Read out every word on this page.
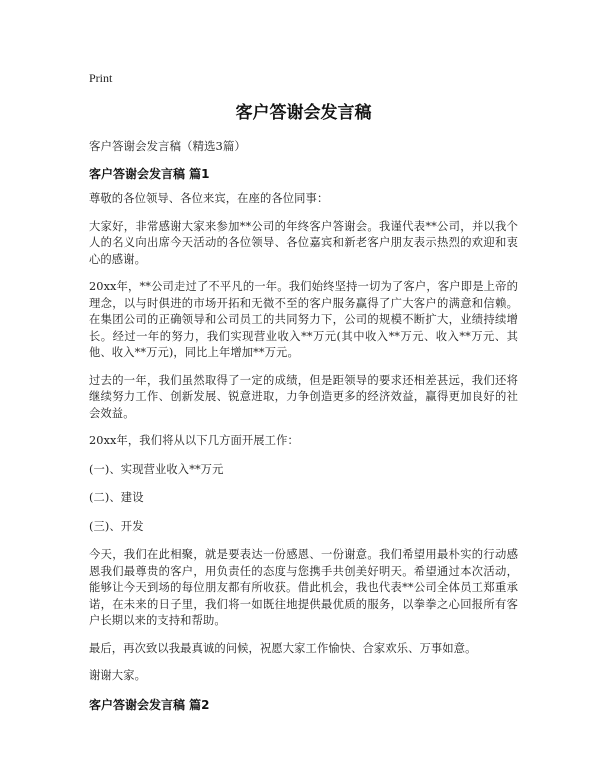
Print
客户答谢会发言稿
客户答谢会发言稿（精选3篇）
客户答谢会发言稿 篇1

尊敬的各位领导、各位来宾，在座的各位同事：

大家好，非常感谢大家来参加**公司的年终客户答谢会。我谨代表**公司，并以我个人的名义向出席今天活动的各位领导、各位嘉宾和新老客户朋友表示热烈的欢迎和衷心的感谢。

20xx年，**公司走过了不平凡的一年。我们始终坚持一切为了客户，客户即是上帝的理念，以与时俱进的市场开拓和无微不至的客户服务赢得了广大客户的满意和信赖。在集团公司的正确领导和公司员工的共同努力下，公司的规模不断扩大，业绩持续增长。经过一年的努力，我们实现营业收入**万元(其中收入**万元、收入**万元、其他、收入**万元)，同比上年增加**万元。

过去的一年，我们虽然取得了一定的成绩，但是距领导的要求还相差甚远，我们还将继续努力工作、创新发展、锐意进取，力争创造更多的经济效益，赢得更加良好的社会效益。

20xx年，我们将从以下几方面开展工作：

(一)、实现营业收入**万元

(二)、建设

(三)、开发

今天，我们在此相聚，就是要表达一份感恩、一份谢意。我们希望用最朴实的行动感恩我们最尊贵的客户，用负责任的态度与您携手共创美好明天。希望通过本次活动，能够让今天到场的每位朋友都有所收获。借此机会，我也代表**公司全体员工郑重承诺，在未来的日子里，我们将一如既往地提供最优质的服务，以拳拳之心回报所有客户长期以来的支持和帮助。

最后，再次致以我最真诚的问候，祝愿大家工作愉快、合家欢乐、万事如意。

谢谢大家。

客户答谢会发言稿 篇2
